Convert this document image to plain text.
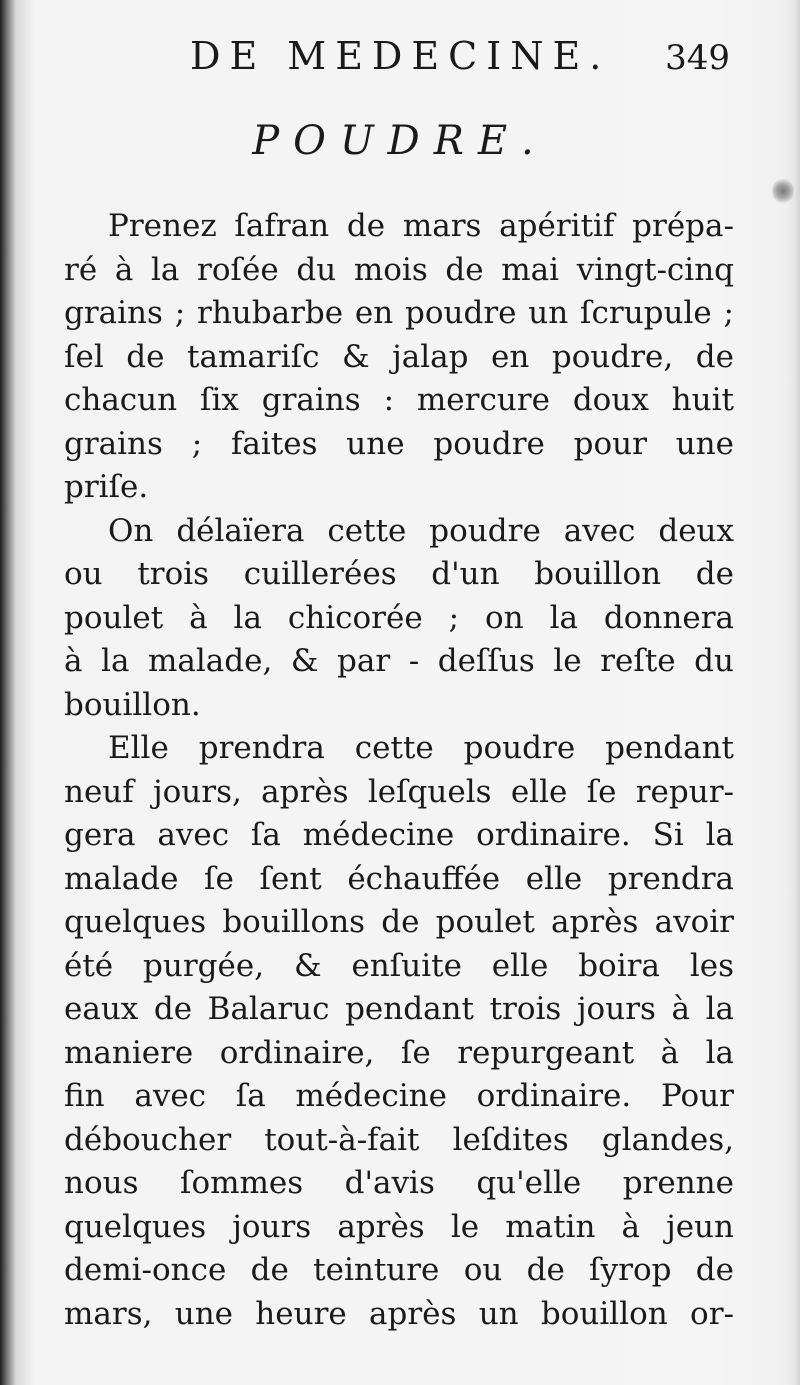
DE MEDECINE. 349
POUDRE.

Prenez ſafran de mars apéritif prépa-
ré à la roſée du mois de mai vingt-cinq
grains ; rhubarbe en poudre un ſcrupule ;
ſel de tamariſc & jalap en poudre, de
chacun ſix grains : mercure doux huit
grains ; faites une poudre pour une
priſe.

On délaïera cette poudre avec deux
ou trois cuillerées d'un bouillon de
poulet à la chicorée ; on la donnera
à la malade, & par - deſſus le reſte du
bouillon.

Elle prendra cette poudre pendant
neuf jours, après leſquels elle ſe repur-
gera avec ſa médecine ordinaire. Si la
malade ſe ſent échauffée elle prendra
quelques bouillons de poulet après avoir
été purgée, & enſuite elle boira les
eaux de Balaruc pendant trois jours à la
maniere ordinaire, ſe repurgeant à la
fin avec ſa médecine ordinaire. Pour
déboucher tout-à-fait leſdites glandes,
nous ſommes d'avis qu'elle prenne
quelques jours après le matin à jeun
demi-once de teinture ou de ſyrop de
mars, une heure après un bouillon or-
